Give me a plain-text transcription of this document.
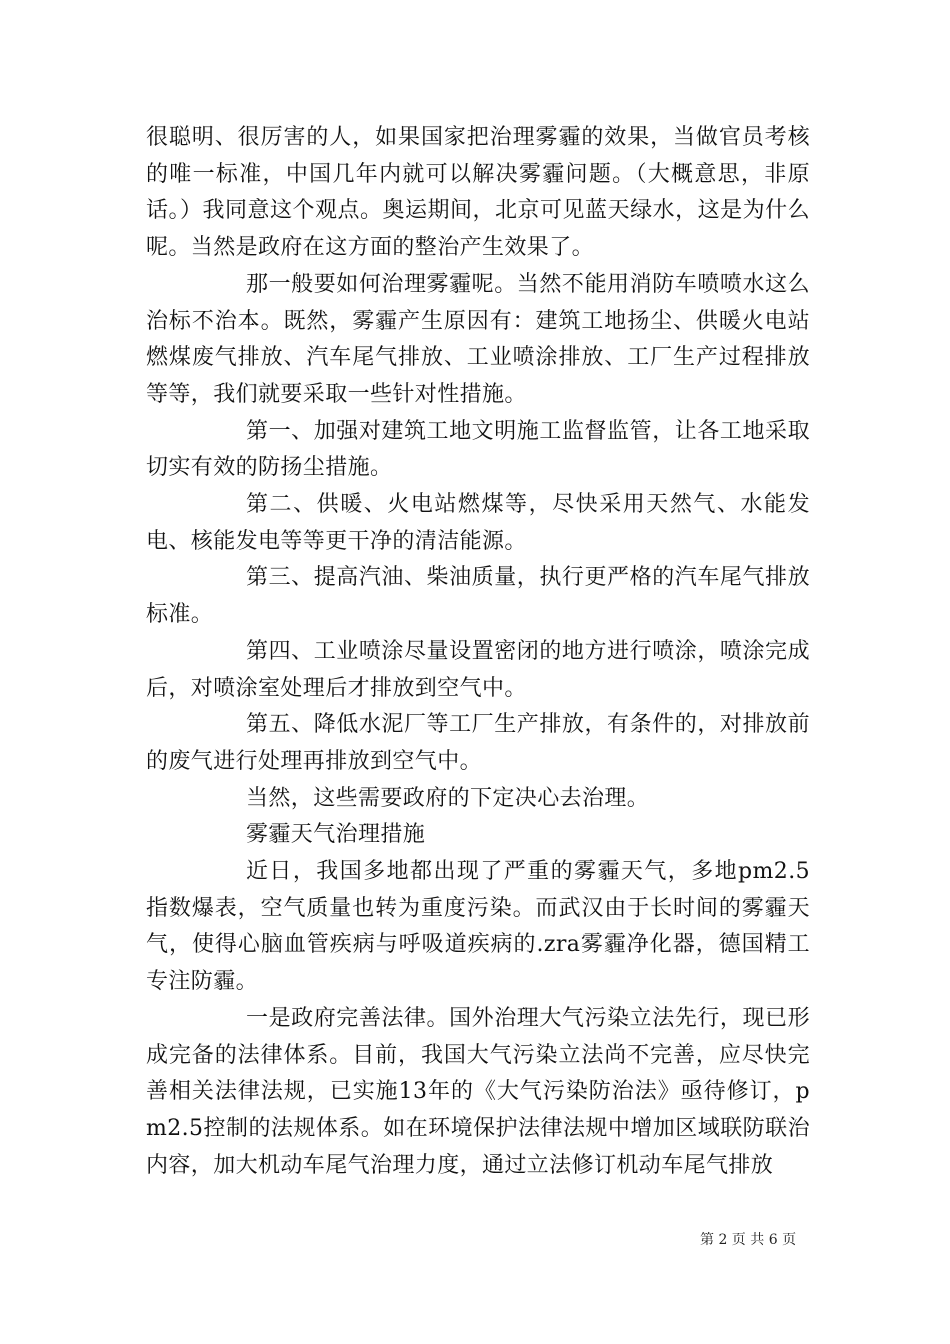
很聪明、很厉害的人，如果国家把治理雾霾的效果，当做官员考核的唯一标准，中国几年内就可以解决雾霾问题。（大概意思，非原话。）我同意这个观点。奥运期间，北京可见蓝天绿水，这是为什么呢。当然是政府在这方面的整治产生效果了。

那一般要如何治理雾霾呢。当然不能用消防车喷喷水这么治标不治本。既然，雾霾产生原因有：建筑工地扬尘、供暖火电站燃煤废气排放、汽车尾气排放、工业喷涂排放、工厂生产过程排放等等，我们就要采取一些针对性措施。

第一、加强对建筑工地文明施工监督监管，让各工地采取切实有效的防扬尘措施。

第二、供暖、火电站燃煤等，尽快采用天然气、水能发电、核能发电等等更干净的清洁能源。

第三、提高汽油、柴油质量，执行更严格的汽车尾气排放标准。

第四、工业喷涂尽量设置密闭的地方进行喷涂，喷涂完成后，对喷涂室处理后才排放到空气中。

第五、降低水泥厂等工厂生产排放，有条件的，对排放前的废气进行处理再排放到空气中。

当然，这些需要政府的下定决心去治理。

雾霾天气治理措施

近日，我国多地都出现了严重的雾霾天气，多地pm2.5指数爆表，空气质量也转为重度污染。而武汉由于长时间的雾霾天气，使得心脑血管疾病与呼吸道疾病的.zra雾霾净化器，德国精工专注防霾。

一是政府完善法律。国外治理大气污染立法先行，现已形成完备的法律体系。目前，我国大气污染立法尚不完善，应尽快完善相关法律法规，已实施13年的《大气污染防治法》亟待修订，pm2.5控制的法规体系。如在环境保护法律法规中增加区域联防联治内容，加大机动车尾气治理力度，通过立法修订机动车尾气排放

第 2 页 共 6 页
